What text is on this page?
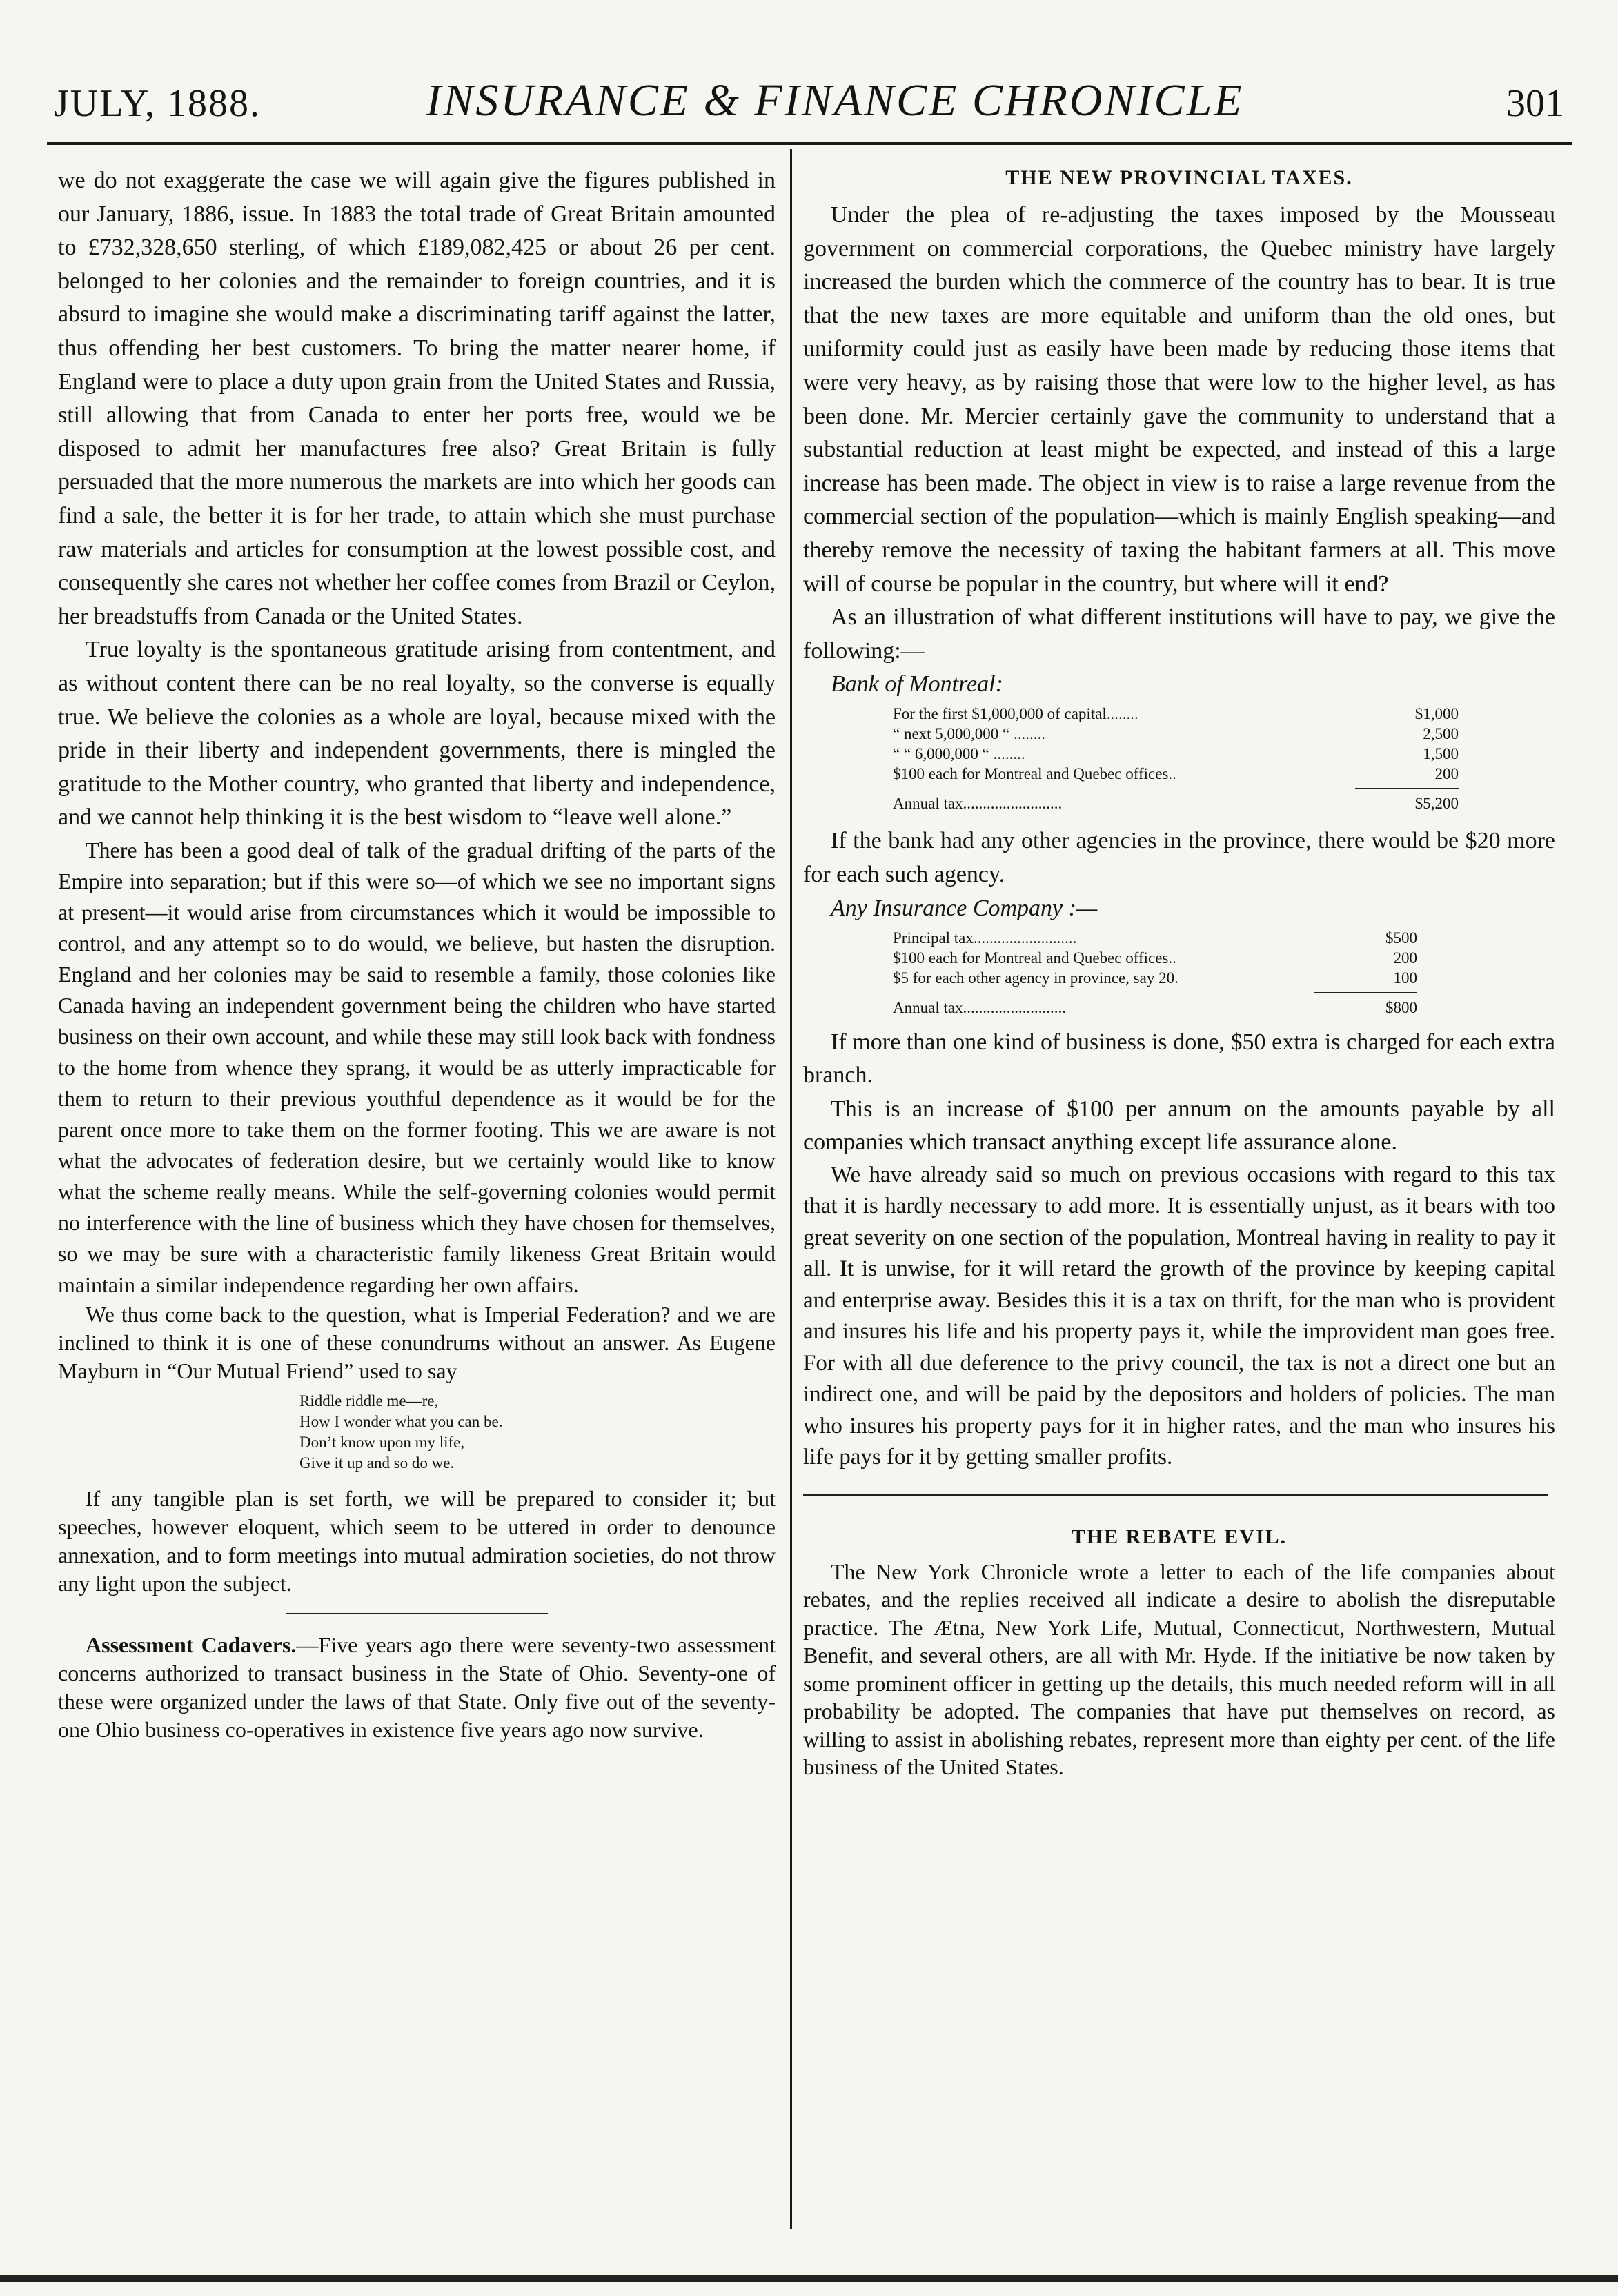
JULY, 1888.	INSURANCE & FINANCE CHRONICLE	301

we do not exaggerate the case we will again give the figures published in our January, 1886, issue. In 1883 the total trade of Great Britain amounted to £732,328,650 sterling, of which £189,082,425 or about 26 per cent. belonged to her colonies and the remainder to foreign countries, and it is absurd to imagine she would make a discriminating tariff against the latter, thus offending her best customers. To bring the matter nearer home, if England were to place a duty upon grain from the United States and Russia, still allowing that from Canada to enter her ports free, would we be disposed to admit her manufactures free also? Great Britain is fully persuaded that the more numerous the markets are into which her goods can find a sale, the better it is for her trade, to attain which she must purchase raw materials and articles for consumption at the lowest possible cost, and consequently she cares not whether her coffee comes from Brazil or Ceylon, her breadstuffs from Canada or the United States.

True loyalty is the spontaneous gratitude arising from contentment, and as without content there can be no real loyalty, so the converse is equally true. We believe the colonies as a whole are loyal, because mixed with the pride in their liberty and independent governments, there is mingled the gratitude to the Mother country, who granted that liberty and independence, and we cannot help thinking it is the best wisdom to “leave well alone.”

There has been a good deal of talk of the gradual drifting of the parts of the Empire into separation; but if this were so—of which we see no important signs at present—it would arise from circumstances which it would be impossible to control, and any attempt so to do would, we believe, but hasten the disruption. England and her colonies may be said to resemble a family, those colonies like Canada having an independent government being the children who have started business on their own account, and while these may still look back with fondness to the home from whence they sprang, it would be as utterly impracticable for them to return to their previous youthful dependence as it would be for the parent once more to take them on the former footing. This we are aware is not what the advocates of federation desire, but we certainly would like to know what the scheme really means. While the self-governing colonies would permit no interference with the line of business which they have chosen for themselves, so we may be sure with a characteristic family likeness Great Britain would maintain a similar independence regarding her own affairs.

We thus come back to the question, what is Imperial Federation? and we are inclined to think it is one of these conundrums without an answer. As Eugene Mayburn in “Our Mutual Friend” used to say

Riddle riddle me—re,
How I wonder what you can be.
Don’t know upon my life,
Give it up and so do we.

If any tangible plan is set forth, we will be prepared to consider it; but speeches, however eloquent, which seem to be uttered in order to denounce annexation, and to form meetings into mutual admiration societies, do not throw any light upon the subject.

Assessment Cadavers.—Five years ago there were seventy-two assessment concerns authorized to transact business in the State of Ohio. Seventy-one of these were organized under the laws of that State. Only five out of the seventy-one Ohio business co-operatives in existence five years ago now survive.

THE NEW PROVINCIAL TAXES.

Under the plea of re-adjusting the taxes imposed by the Mousseau government on commercial corporations, the Quebec ministry have largely increased the burden which the commerce of the country has to bear. It is true that the new taxes are more equitable and uniform than the old ones, but uniformity could just as easily have been made by reducing those items that were very heavy, as by raising those that were low to the higher level, as has been done. Mr. Mercier certainly gave the community to understand that a substantial reduction at least might be expected, and instead of this a large increase has been made. The object in view is to raise a large revenue from the commercial section of the population—which is mainly English speaking—and thereby remove the necessity of taxing the habitant farmers at all. This move will of course be popular in the country, but where will it end?

As an illustration of what different institutions will have to pay, we give the following:—

Bank of Montreal:
For the first $1,000,000 of capital........	$1,000
“ next 5,000,000 “ ........	2,500
“ “ 6,000,000 “ ........	1,500
$100 each for Montreal and Quebec offices..	200
Annual tax.........................	$5,200

If the bank had any other agencies in the province, there would be $20 more for each such agency.

Any Insurance Company :—
Principal tax..........................	$500
$100 each for Montreal and Quebec offices..	200
$5 for each other agency in province, say 20.	100
Annual tax..........................	$800

If more than one kind of business is done, $50 extra is charged for each extra branch.

This is an increase of $100 per annum on the amounts payable by all companies which transact anything except life assurance alone.

We have already said so much on previous occasions with regard to this tax that it is hardly necessary to add more. It is essentially unjust, as it bears with too great severity on one section of the population, Montreal having in reality to pay it all. It is unwise, for it will retard the growth of the province by keeping capital and enterprise away. Besides this it is a tax on thrift, for the man who is provident and insures his life and his property pays it, while the improvident man goes free. For with all due deference to the privy council, the tax is not a direct one but an indirect one, and will be paid by the depositors and holders of policies. The man who insures his property pays for it in higher rates, and the man who insures his life pays for it by getting smaller profits.

THE REBATE EVIL.

The New York Chronicle wrote a letter to each of the life companies about rebates, and the replies received all indicate a desire to abolish the disreputable practice. The Ætna, New York Life, Mutual, Connecticut, Northwestern, Mutual Benefit, and several others, are all with Mr. Hyde. If the initiative be now taken by some prominent officer in getting up the details, this much needed reform will in all probability be adopted. The companies that have put themselves on record, as willing to assist in abolishing rebates, represent more than eighty per cent. of the life business of the United States.
